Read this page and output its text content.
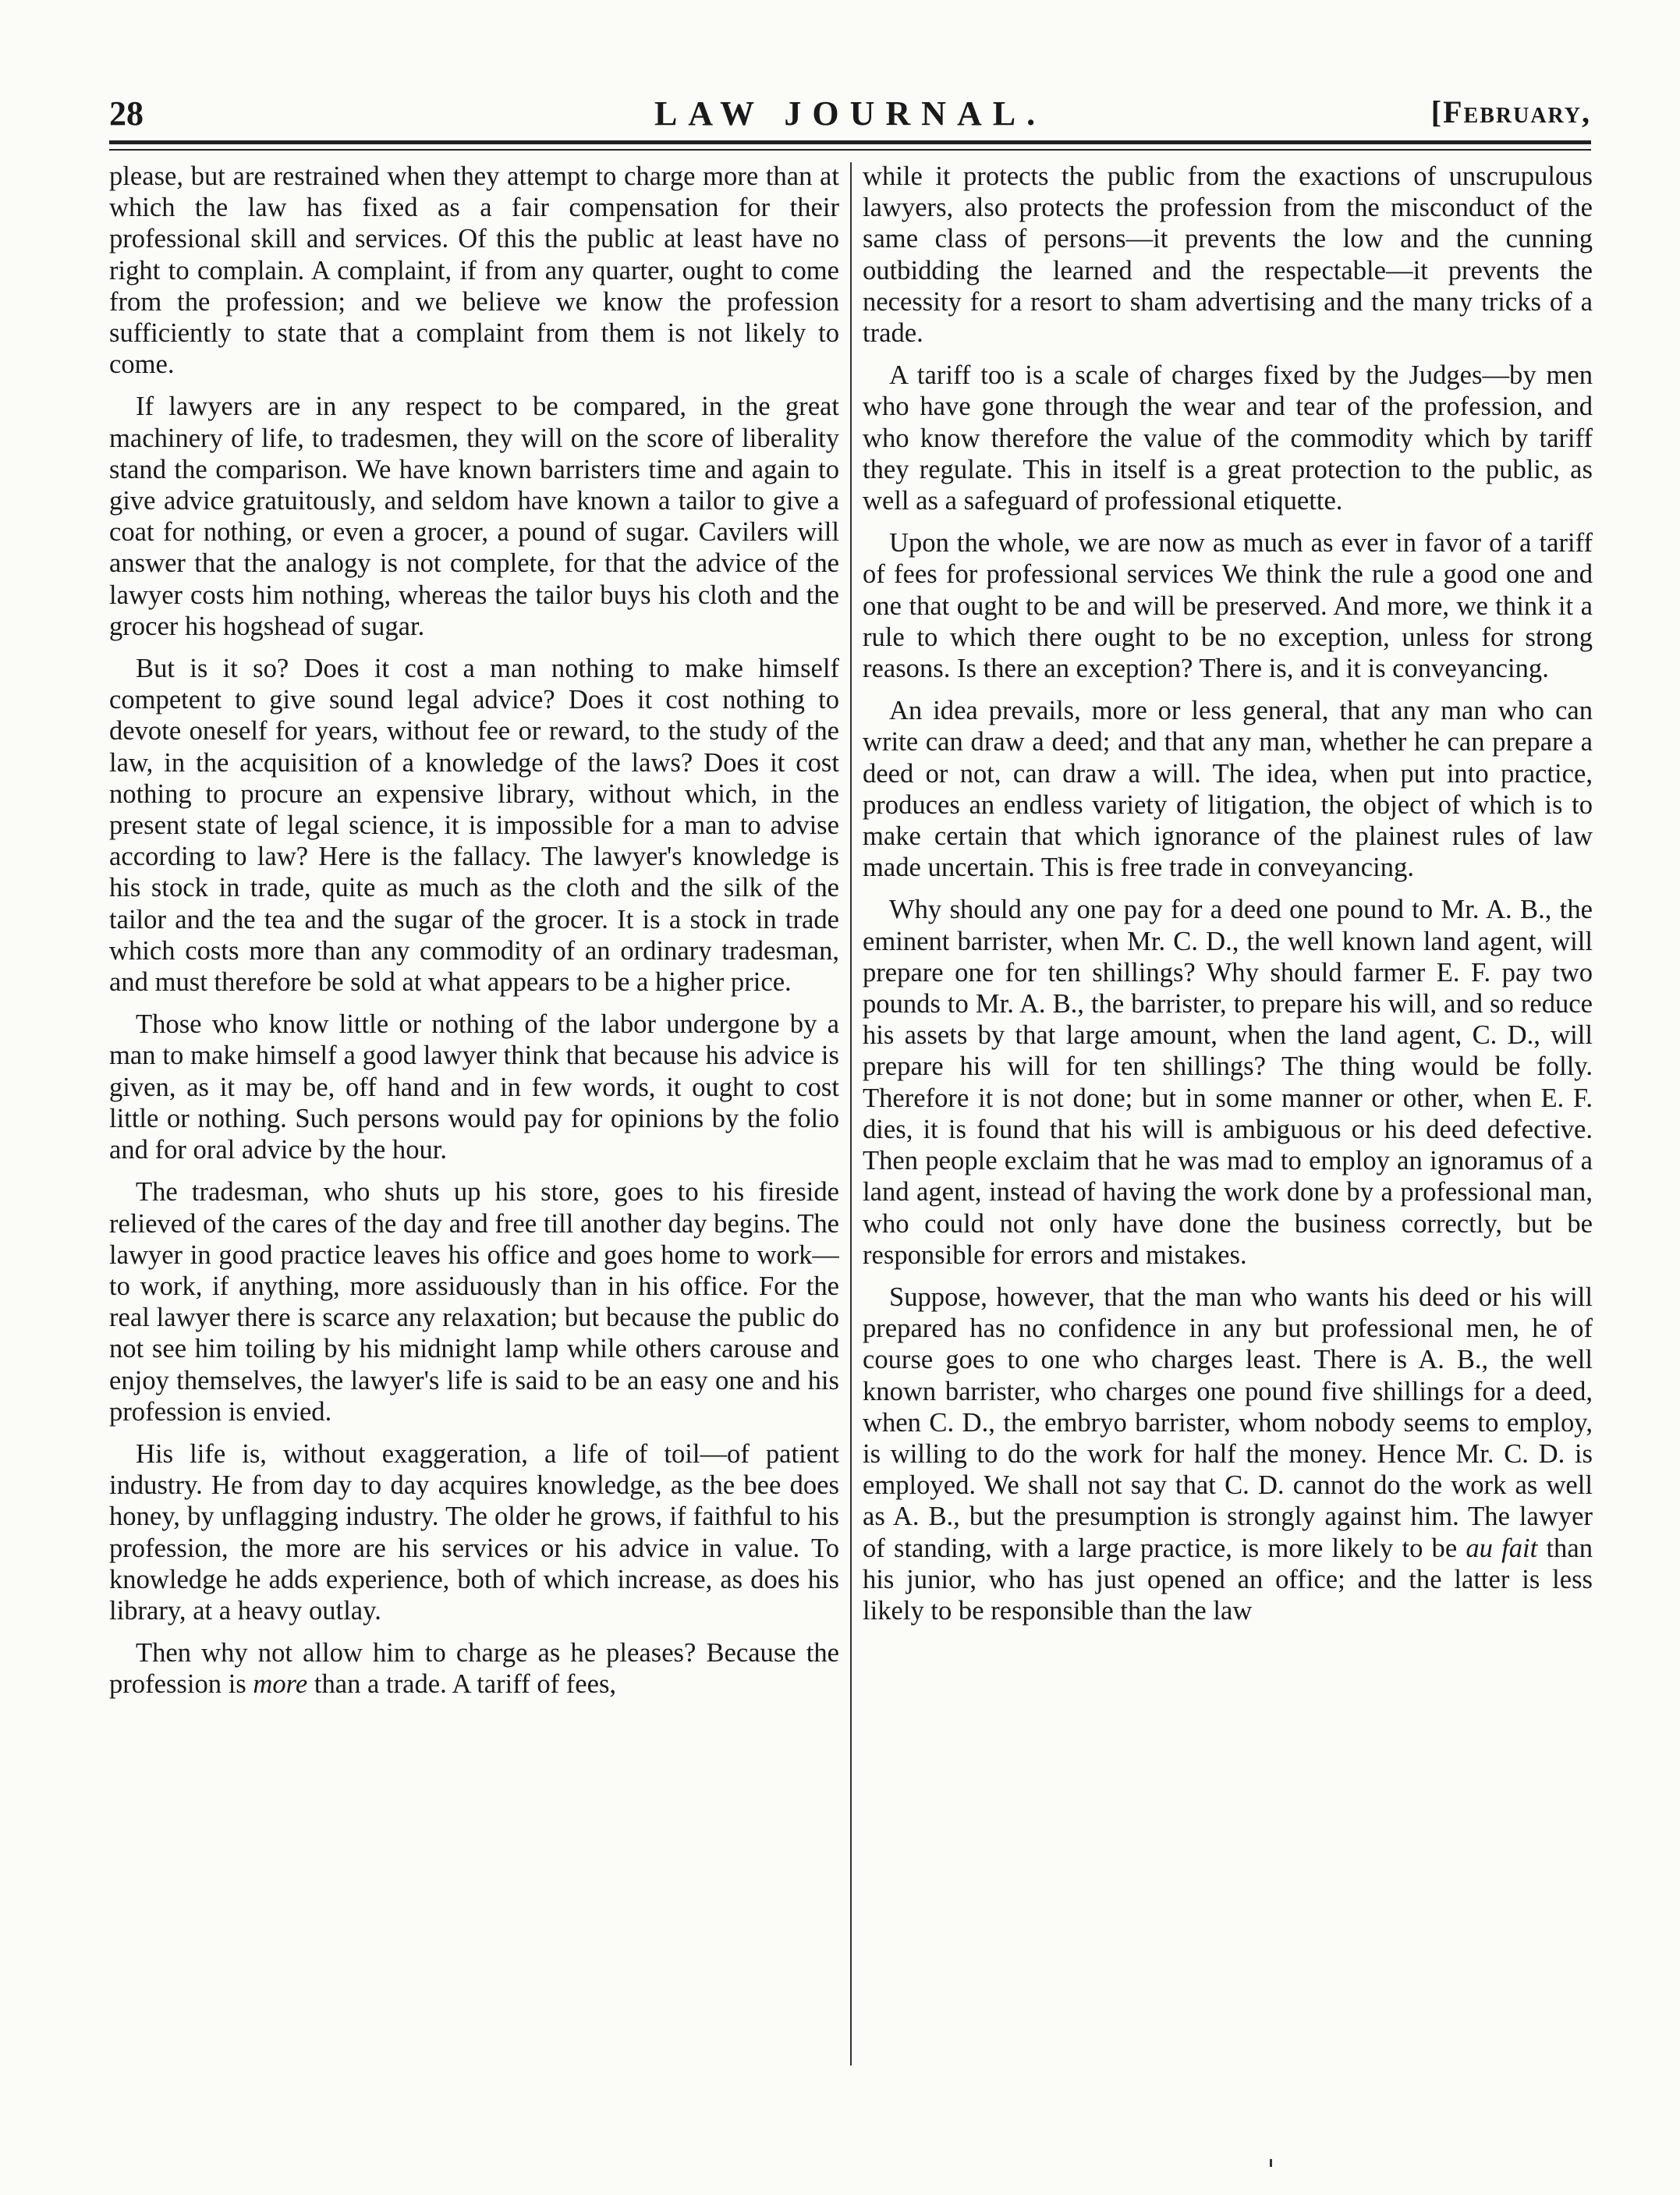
28	LAW JOURNAL.	[February,

please, but are restrained when they attempt to charge more than at which the law has fixed as a fair compensation for their professional skill and services. Of this the public at least have no right to complain. A complaint, if from any quarter, ought to come from the profession; and we believe we know the profession sufficiently to state that a complaint from them is not likely to come.

If lawyers are in any respect to be compared, in the great machinery of life, to tradesmen, they will on the score of liberality stand the comparison. We have known barristers time and again to give advice gratuitously, and seldom have known a tailor to give a coat for nothing, or even a grocer, a pound of sugar. Cavilers will answer that the analogy is not complete, for that the advice of the lawyer costs him nothing, whereas the tailor buys his cloth and the grocer his hogshead of sugar.

But is it so? Does it cost a man nothing to make himself competent to give sound legal advice? Does it cost nothing to devote oneself for years, without fee or reward, to the study of the law, in the acquisition of a knowledge of the laws? Does it cost nothing to procure an expensive library, without which, in the present state of legal science, it is impossible for a man to advise according to law? Here is the fallacy. The lawyer's knowledge is his stock in trade, quite as much as the cloth and the silk of the tailor and the tea and the sugar of the grocer. It is a stock in trade which costs more than any commodity of an ordinary tradesman, and must therefore be sold at what appears to be a higher price.

Those who know little or nothing of the labor undergone by a man to make himself a good lawyer think that because his advice is given, as it may be, off hand and in few words, it ought to cost little or nothing. Such persons would pay for opinions by the folio and for oral advice by the hour.

The tradesman, who shuts up his store, goes to his fireside relieved of the cares of the day and free till another day begins. The lawyer in good practice leaves his office and goes home to work—to work, if anything, more assiduously than in his office. For the real lawyer there is scarce any relaxation; but because the public do not see him toiling by his midnight lamp while others carouse and enjoy themselves, the lawyer's life is said to be an easy one and his profession is envied.

His life is, without exaggeration, a life of toil—of patient industry. He from day to day acquires knowledge, as the bee does honey, by unflagging industry. The older he grows, if faithful to his profession, the more are his services or his advice in value. To knowledge he adds experience, both of which increase, as does his library, at a heavy outlay.

Then why not allow him to charge as he pleases? Because the profession is more than a trade. A tariff of fees,

while it protects the public from the exactions of unscrupulous lawyers, also protects the profession from the misconduct of the same class of persons—it prevents the low and the cunning outbidding the learned and the respectable—it prevents the necessity for a resort to sham advertising and the many tricks of a trade.

A tariff too is a scale of charges fixed by the Judges—by men who have gone through the wear and tear of the profession, and who know therefore the value of the commodity which by tariff they regulate. This in itself is a great protection to the public, as well as a safeguard of professional etiquette.

Upon the whole, we are now as much as ever in favor of a tariff of fees for professional services We think the rule a good one and one that ought to be and will be preserved. And more, we think it a rule to which there ought to be no exception, unless for strong reasons. Is there an exception? There is, and it is conveyancing.

An idea prevails, more or less general, that any man who can write can draw a deed; and that any man, whether he can prepare a deed or not, can draw a will. The idea, when put into practice, produces an endless variety of litigation, the object of which is to make certain that which ignorance of the plainest rules of law made uncertain. This is free trade in conveyancing.

Why should any one pay for a deed one pound to Mr. A. B., the eminent barrister, when Mr. C. D., the well known land agent, will prepare one for ten shillings? Why should farmer E. F. pay two pounds to Mr. A. B., the barrister, to prepare his will, and so reduce his assets by that large amount, when the land agent, C. D., will prepare his will for ten shillings? The thing would be folly. Therefore it is not done; but in some manner or other, when E. F. dies, it is found that his will is ambiguous or his deed defective. Then people exclaim that he was mad to employ an ignoramus of a land agent, instead of having the work done by a professional man, who could not only have done the business correctly, but be responsible for errors and mistakes.

Suppose, however, that the man who wants his deed or his will prepared has no confidence in any but professional men, he of course goes to one who charges least. There is A. B., the well known barrister, who charges one pound five shillings for a deed, when C. D., the embryo barrister, whom nobody seems to employ, is willing to do the work for half the money. Hence Mr. C. D. is employed. We shall not say that C. D. cannot do the work as well as A. B., but the presumption is strongly against him. The lawyer of standing, with a large practice, is more likely to be au fait than his junior, who has just opened an office; and the latter is less likely to be responsible than the law
